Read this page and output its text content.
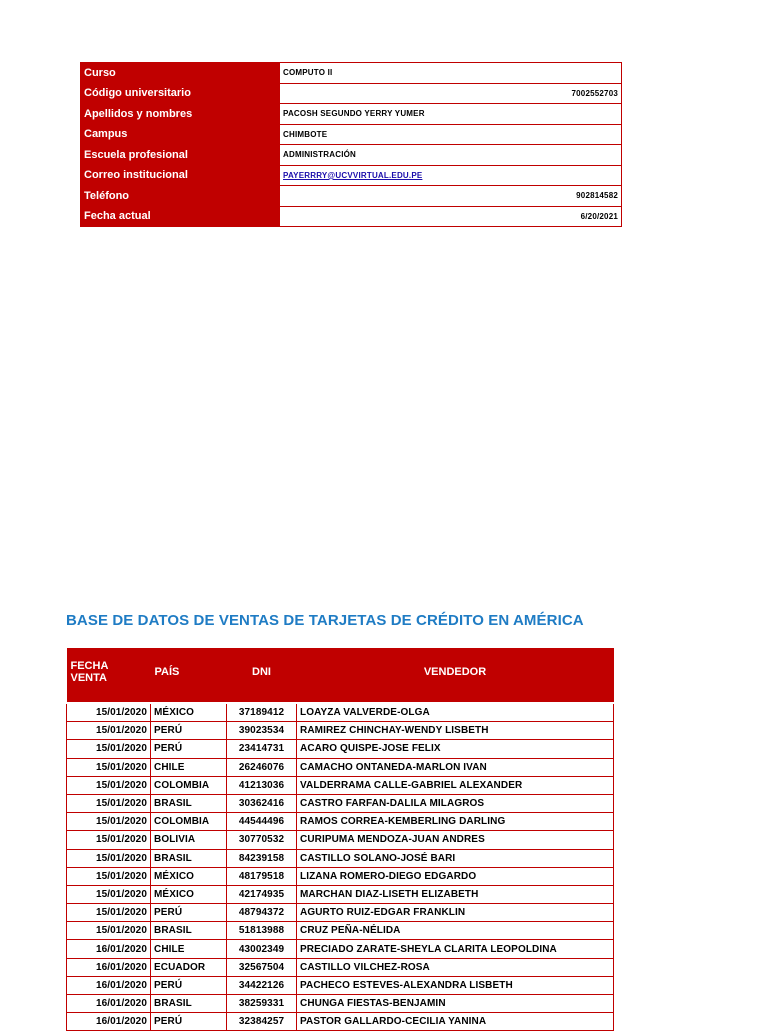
Curso	COMPUTO II
Código universitario	7002552703
Apellidos y nombres	PACOSH SEGUNDO YERRY YUMER
Campus	CHIMBOTE
Escuela profesional	ADMINISTRACIÓN
Correo institucional	PAYERRRY@UCVVIRTUAL.EDU.PE
Teléfono	902814582
Fecha actual	6/20/2021
BASE DE DATOS DE VENTAS DE TARJETAS DE CRÉDITO EN AMÉRICA
FECHA VENTA	PAÍS	DNI	VENDEDOR
15/01/2020	MÉXICO	37189412	LOAYZA VALVERDE-OLGA
15/01/2020	PERÚ	39023534	RAMIREZ CHINCHAY-WENDY LISBETH
15/01/2020	PERÚ	23414731	ACARO QUISPE-JOSE FELIX
15/01/2020	CHILE	26246076	CAMACHO ONTANEDA-MARLON IVAN
15/01/2020	COLOMBIA	41213036	VALDERRAMA CALLE-GABRIEL ALEXANDER
15/01/2020	BRASIL	30362416	CASTRO FARFAN-DALILA MILAGROS
15/01/2020	COLOMBIA	44544496	RAMOS CORREA-KEMBERLING DARLING
15/01/2020	BOLIVIA	30770532	CURIPUMA MENDOZA-JUAN ANDRES
15/01/2020	BRASIL	84239158	CASTILLO SOLANO-JOSÉ BARI
15/01/2020	MÉXICO	48179518	LIZANA ROMERO-DIEGO EDGARDO
15/01/2020	MÉXICO	42174935	MARCHAN DIAZ-LISETH ELIZABETH
15/01/2020	PERÚ	48794372	AGURTO RUIZ-EDGAR FRANKLIN
15/01/2020	BRASIL	51813988	CRUZ PEÑA-NÉLIDA
16/01/2020	CHILE	43002349	PRECIADO ZARATE-SHEYLA CLARITA LEOPOLDINA
16/01/2020	ECUADOR	32567504	CASTILLO VILCHEZ-ROSA
16/01/2020	PERÚ	34422126	PACHECO ESTEVES-ALEXANDRA LISBETH
16/01/2020	BRASIL	38259331	CHUNGA FIESTAS-BENJAMIN
16/01/2020	PERÚ	32384257	PASTOR GALLARDO-CECILIA YANINA
